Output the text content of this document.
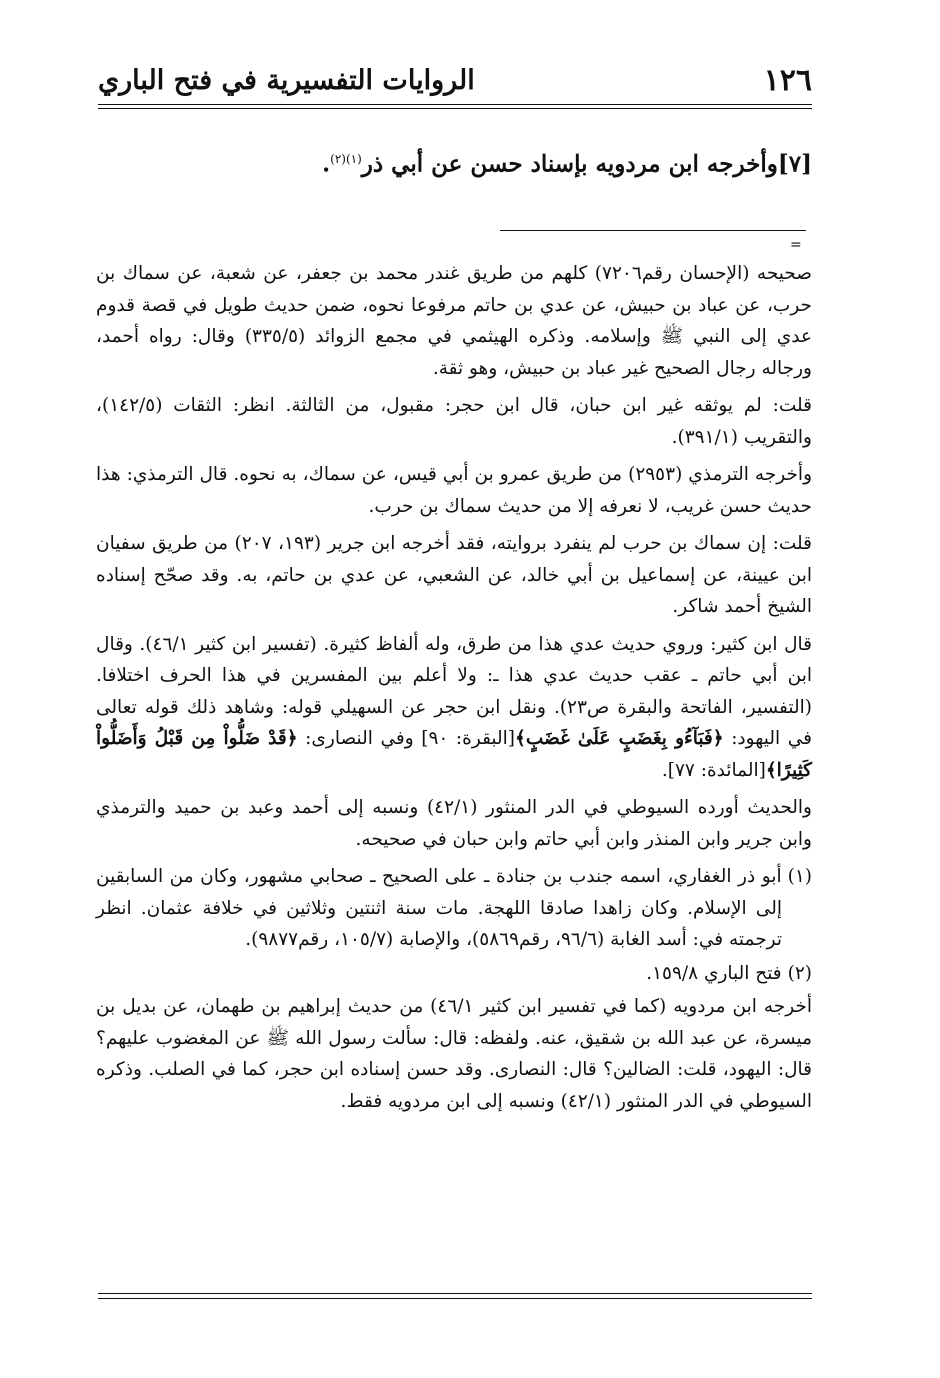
١٢٦
الروايات التفسيرية في فتح الباري
[٧]وأخرجه ابن مردويه بإسناد حسن عن أبي ذر$^{(١)(٢)}$.
=

صحيحه (الإحسان رقم٧٢٠٦) كلهم من طريق غندر محمد بن جعفر، عن شعبة، عن سماك بن حرب، عن عباد بن حبيش، عن عدي بن حاتم مرفوعا نحوه، ضمن حديث طويل في قصة قدوم عدي إلى النبي ﷺ وإسلامه. وذكره الهيثمي في مجمع الزوائد (٣٣٥/٥) وقال: رواه أحمد، ورجاله رجال الصحيح غير عباد بن حبيش، وهو ثقة.

قلت: لم يوثقه غير ابن حبان، قال ابن حجر: مقبول، من الثالثة. انظر: الثقات (١٤٢/٥)، والتقريب (٣٩١/١).

وأخرجه الترمذي (٢٩٥٣) من طريق عمرو بن أبي قيس، عن سماك، به نحوه. قال الترمذي: هذا حديث حسن غريب، لا نعرفه إلا من حديث سماك بن حرب.

قلت: إن سماك بن حرب لم ينفرد بروايته، فقد أخرجه ابن جرير (١٩٣، ٢٠٧) من طريق سفيان ابن عيينة، عن إسماعيل بن أبي خالد، عن الشعبي، عن عدي بن حاتم، به. وقد صحّح إسناده الشيخ أحمد شاكر.

قال ابن كثير: وروي حديث عدي هذا من طرق، وله ألفاظ كثيرة. (تفسير ابن كثير ٤٦/١). وقال ابن أبي حاتم ـ عقب حديث عدي هذا ـ: ولا أعلم بين المفسرين في هذا الحرف اختلافا. (التفسير، الفاتحة والبقرة ص٢٣). ونقل ابن حجر عن السهيلي قوله: وشاهد ذلك قوله تعالى في اليهود: ﴿فَبَآءُو بِغَضَبٍ عَلَىٰ غَضَبٍ﴾[البقرة: ٩٠] وفي النصارى: ﴿قَدْ ضَلُّواْ مِن قَبْلُ وَأَضَلُّواْ كَثِيرًا﴾[المائدة: ٧٧].

والحديث أورده السيوطي في الدر المنثور (٤٢/١) ونسبه إلى أحمد وعبد بن حميد والترمذي وابن جرير وابن المنذر وابن أبي حاتم وابن حبان في صحيحه.

(١)أبو ذر الغفاري، اسمه جندب بن جنادة ـ على الصحيح ـ صحابي مشهور، وكان من السابقين إلى الإسلام. وكان زاهدا صادقا اللهجة. مات سنة اثنتين وثلاثين في خلافة عثمان. انظر ترجمته في: أسد الغابة (٩٦/٦، رقم٥٨٦٩)، والإصابة (١٠٥/٧، رقم٩٨٧٧).

(٢)فتح الباري ١٥٩/٨.

أخرجه ابن مردويه (كما في تفسير ابن كثير ٤٦/١) من حديث إبراهيم بن طهمان، عن بديل بن ميسرة، عن عبد الله بن شقيق، عنه. ولفظه: قال: سألت رسول الله ﷺ عن المغضوب عليهم؟ قال: اليهود، قلت: الضالين؟ قال: النصارى. وقد حسن إسناده ابن حجر، كما في الصلب. وذكره السيوطي في الدر المنثور (٤٢/١) ونسبه إلى ابن مردويه فقط.
